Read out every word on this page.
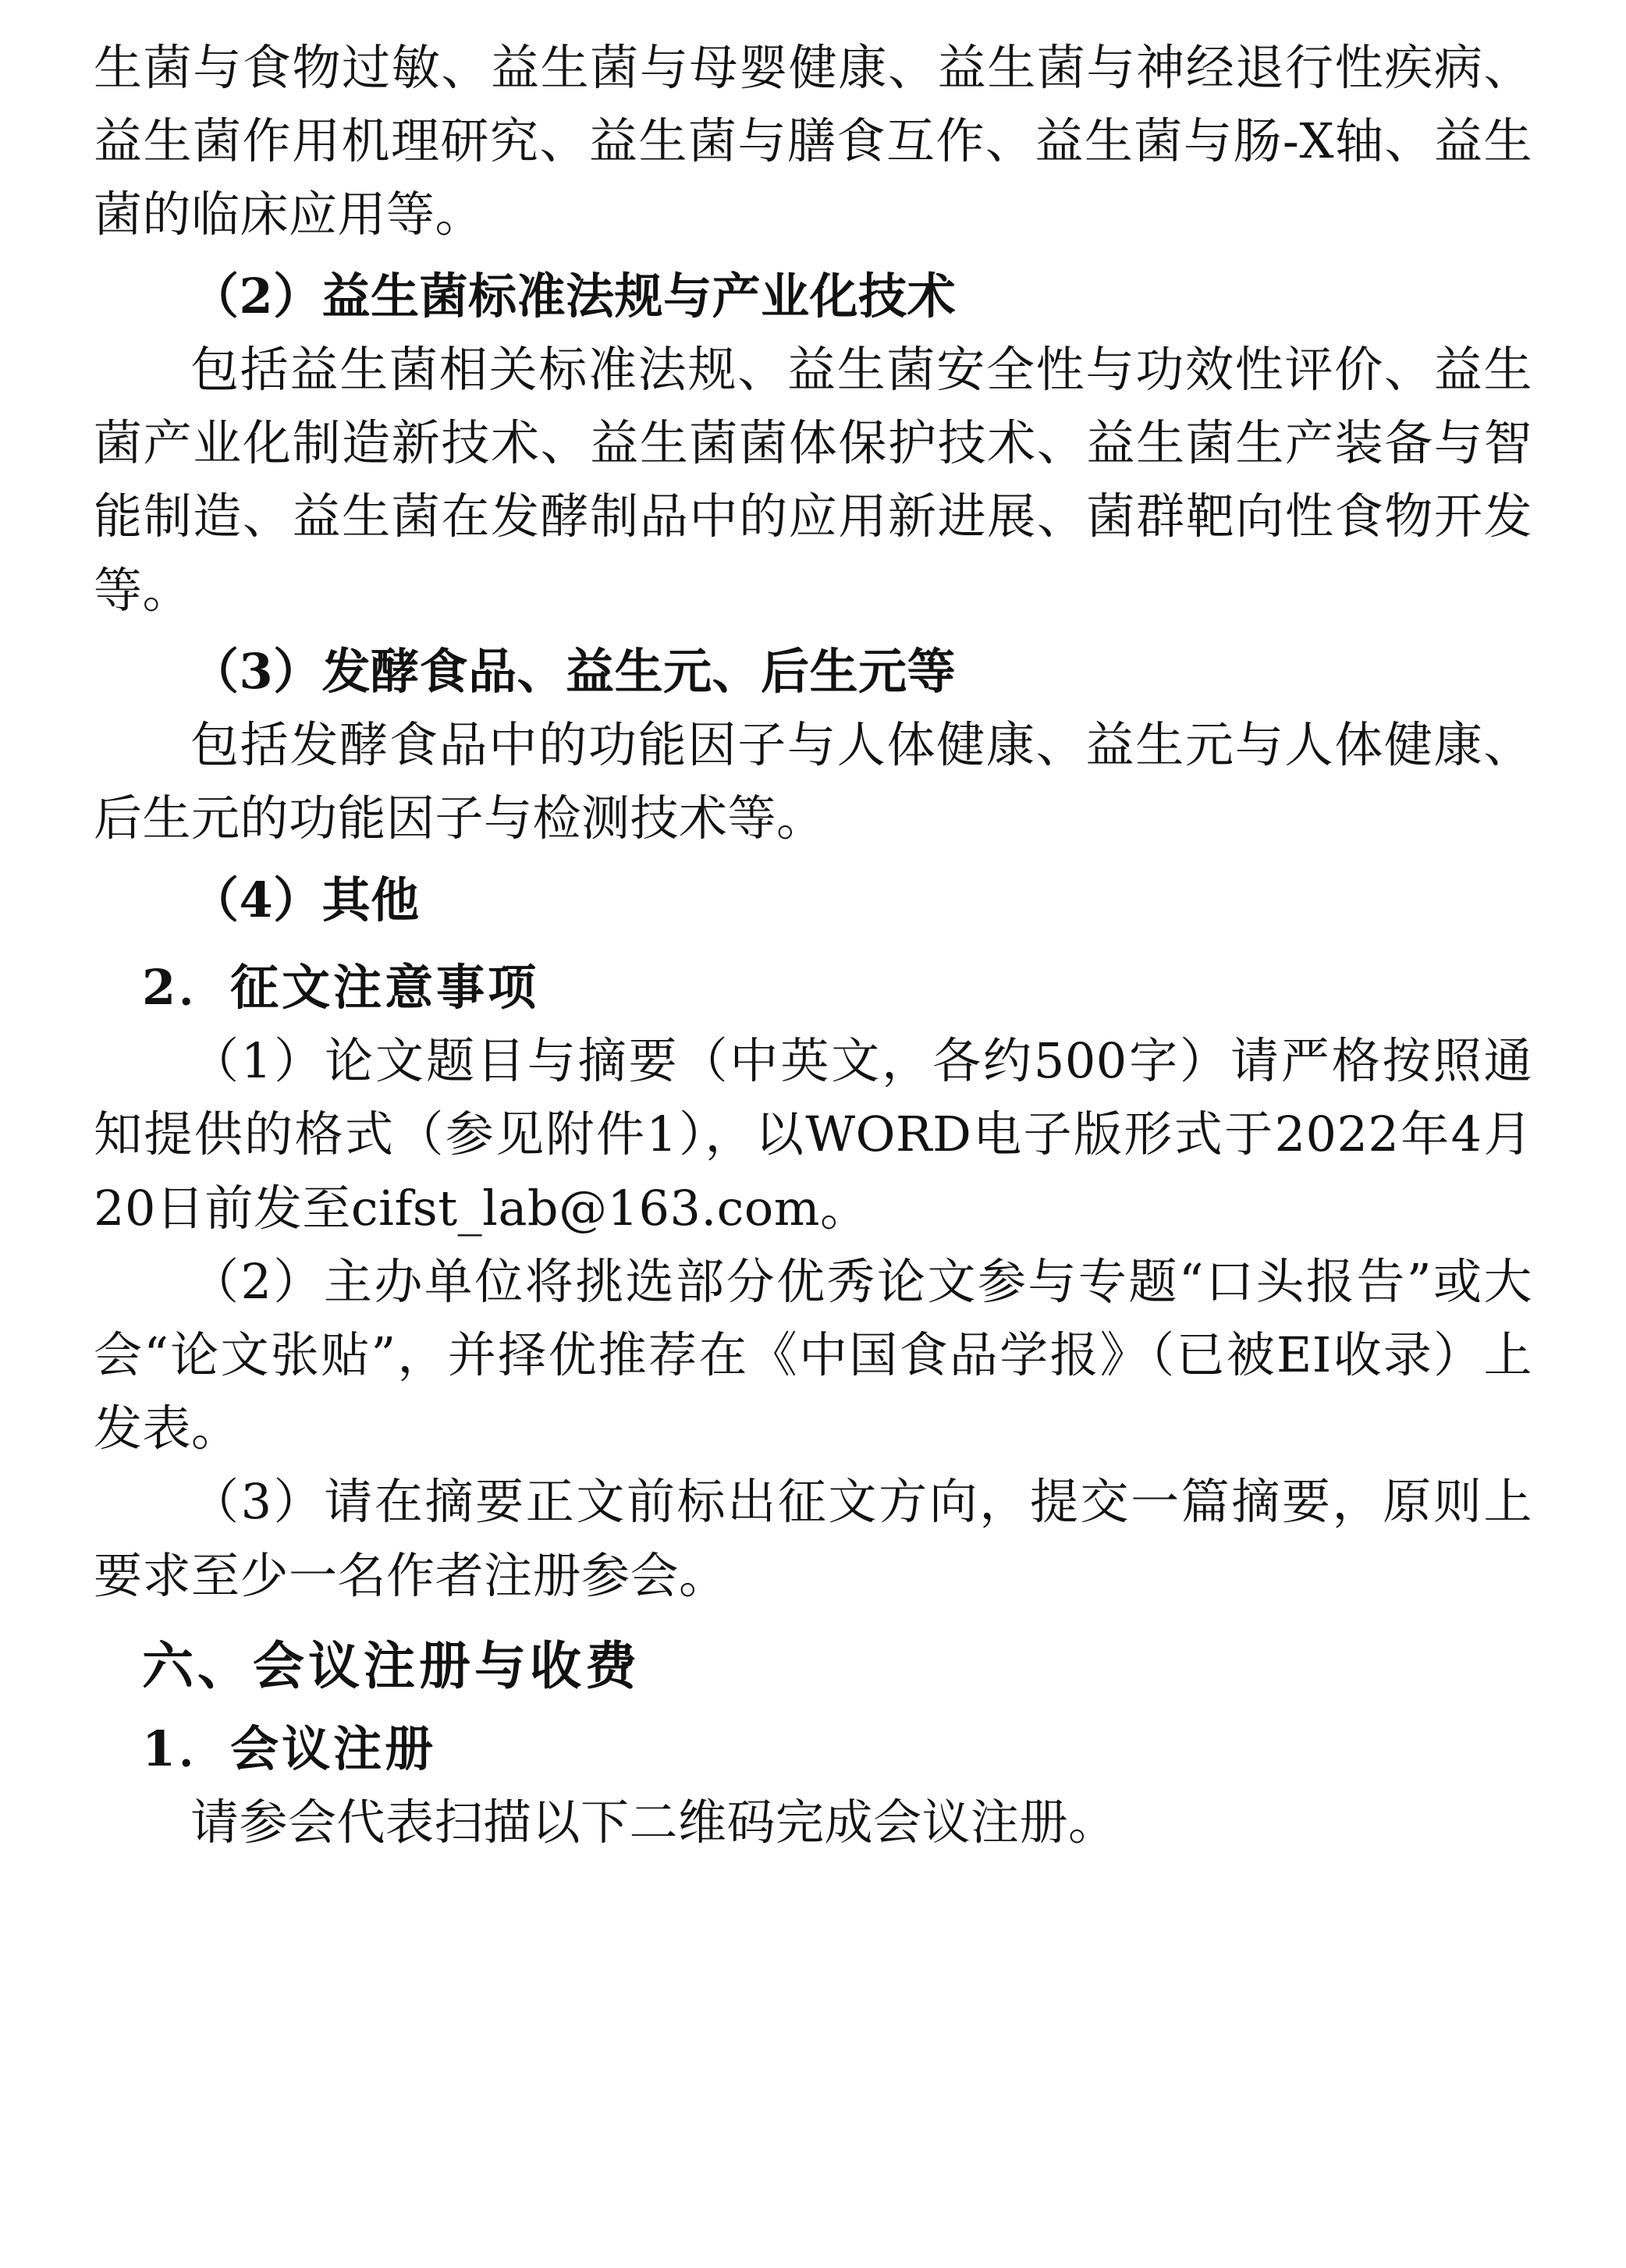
生菌与食物过敏、益生菌与母婴健康、益生菌与神经退行性疾病、益生菌作用机理研究、益生菌与膳食互作、益生菌与肠-X轴、益生菌的临床应用等。

（2）益生菌标准法规与产业化技术

包括益生菌相关标准法规、益生菌安全性与功效性评价、益生菌产业化制造新技术、益生菌菌体保护技术、益生菌生产装备与智能制造、益生菌在发酵制品中的应用新进展、菌群靶向性食物开发等。

（3）发酵食品、益生元、后生元等

包括发酵食品中的功能因子与人体健康、益生元与人体健康、后生元的功能因子与检测技术等。

（4）其他

2．征文注意事项

（1）论文题目与摘要（中英文，各约500字）请严格按照通知提供的格式（参见附件1），以WORD电子版形式于2022年4月20日前发至cifst_lab@163.com。

（2）主办单位将挑选部分优秀论文参与专题“口头报告”或大会“论文张贴”，并择优推荐在《中国食品学报》（已被EI收录）上发表。

（3）请在摘要正文前标出征文方向，提交一篇摘要，原则上要求至少一名作者注册参会。

六、会议注册与收费

1．会议注册

请参会代表扫描以下二维码完成会议注册。
